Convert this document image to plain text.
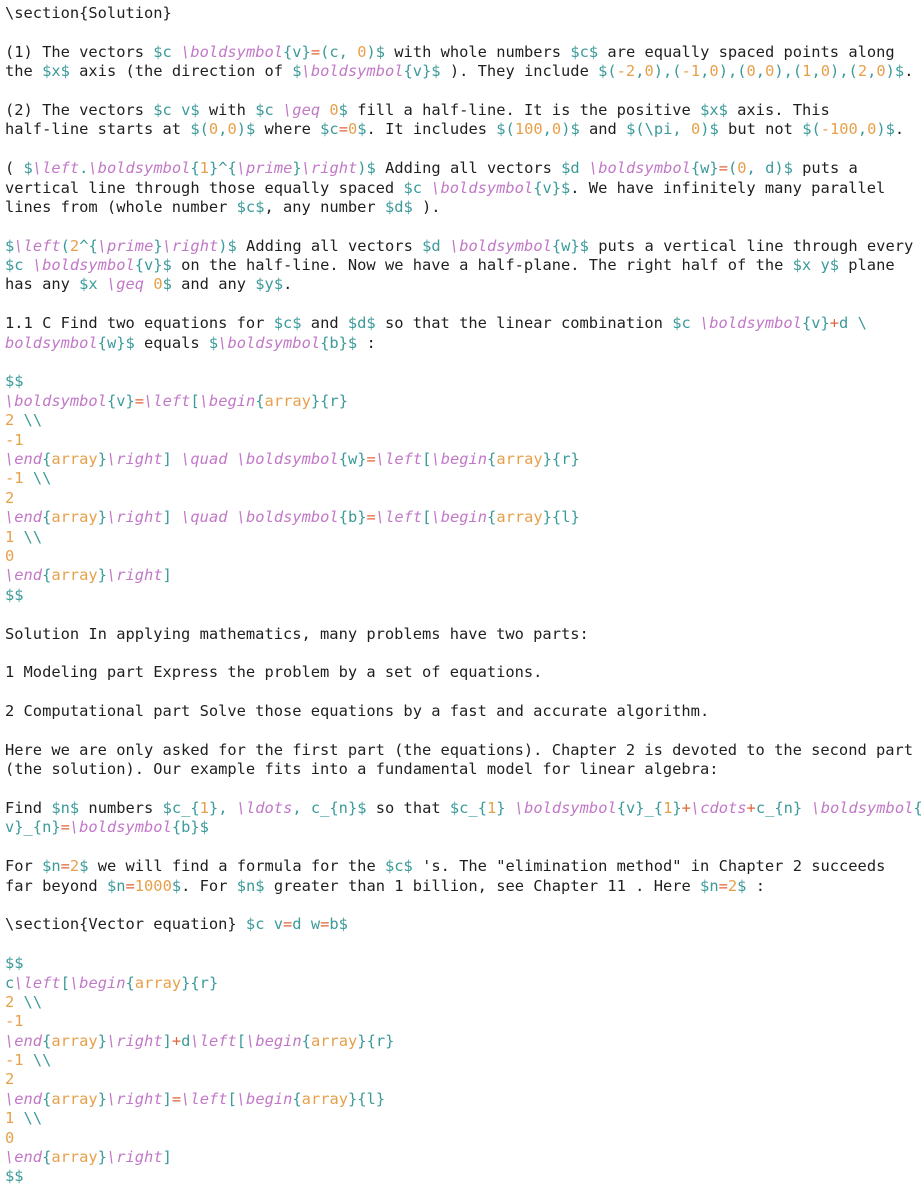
\section{Solution}
(1) The vectors $c \boldsymbol{v}=(c, 0)$ with whole numbers $c$ are equally spaced points along
the $x$ axis (the direction of $\boldsymbol{v}$ ). They include $(-2,0),(-1,0),(0,0),(1,0),(2,0)$.
(2) The vectors $c v$ with $c \geq 0$ fill a half-line. It is the positive $x$ axis. This
half-line starts at $(0,0)$ where $c=0$. It includes $(100,0)$ and $(\pi, 0)$ but not $(-100,0)$.
( $\left.\boldsymbol{1}^{\prime}\right)$ Adding all vectors $d \boldsymbol{w}=(0, d)$ puts a
vertical line through those equally spaced $c \boldsymbol{v}$. We have infinitely many parallel
lines from (whole number $c$, any number $d$ ).
$\left(2^{\prime}\right)$ Adding all vectors $d \boldsymbol{w}$ puts a vertical line through every
$c \boldsymbol{v}$ on the half-line. Now we have a half-plane. The right half of the $x y$ plane
has any $x \geq 0$ and any $y$.
1.1 C Find two equations for $c$ and $d$ so that the linear combination $c \boldsymbol{v}+d \
boldsymbol{w}$ equals $\boldsymbol{b}$ :
$$
\boldsymbol{v}=\left[\begin{array}{r}
2 \\
-1
\end{array}\right] \quad \boldsymbol{w}=\left[\begin{array}{r}
-1 \\
2
\end{array}\right] \quad \boldsymbol{b}=\left[\begin{array}{l}
1 \\
0
\end{array}\right]
$$
Solution In applying mathematics, many problems have two parts:
1 Modeling part Express the problem by a set of equations.
2 Computational part Solve those equations by a fast and accurate algorithm.
Here we are only asked for the first part (the equations). Chapter 2 is devoted to the second part
(the solution). Our example fits into a fundamental model for linear algebra:
Find $n$ numbers $c_{1}, \ldots, c_{n}$ so that $c_{1} \boldsymbol{v}_{1}+\cdots+c_{n} \boldsymbol{
v}_{n}=\boldsymbol{b}$
For $n=2$ we will find a formula for the $c$ 's. The "elimination method" in Chapter 2 succeeds
far beyond $n=1000$. For $n$ greater than 1 billion, see Chapter 11 . Here $n=2$ :
\section{Vector equation} $c v=d w=b$
$$
c\left[\begin{array}{r}
2 \\
-1
\end{array}\right]+d\left[\begin{array}{r}
-1 \\
2
\end{array}\right]=\left[\begin{array}{l}
1 \\
0
\end{array}\right]
$$
